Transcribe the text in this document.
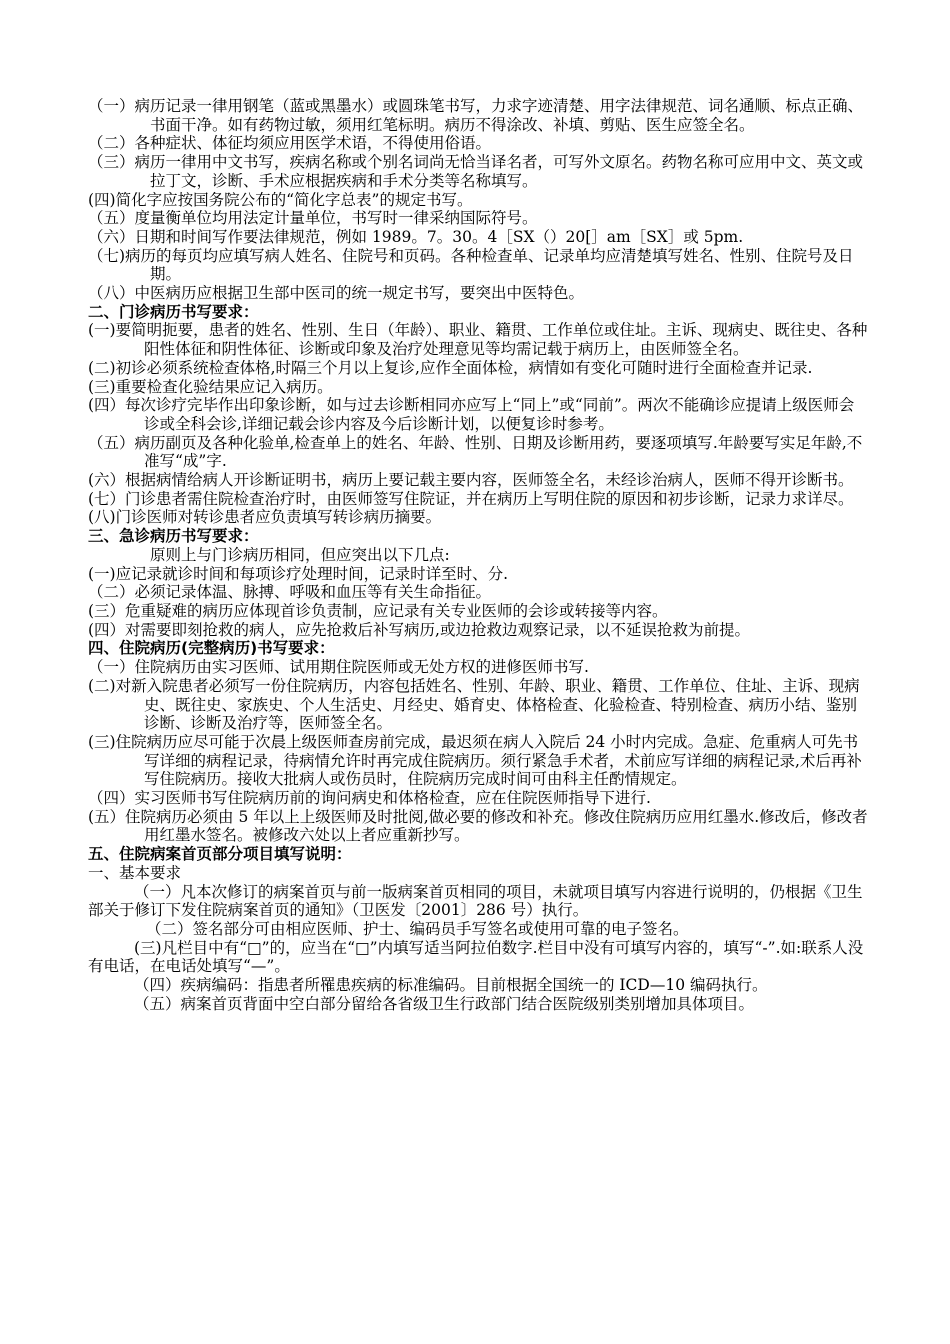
（一）病历记录一律用钢笔（蓝或黑墨水）或圆珠笔书写，力求字迹清楚、用字法律规范、词名通顺、标点正确、书面干净。如有药物过敏，须用红笔标明。病历不得涂改、补填、剪贴、医生应签全名。

（二）各种症状、体征均须应用医学术语，不得使用俗语。

（三）病历一律用中文书写，疾病名称或个别名词尚无恰当译名者，可写外文原名。药物名称可应用中文、英文或拉丁文，诊断、手术应根据疾病和手术分类等名称填写。

(四)简化字应按国务院公布的“简化字总表”的规定书写。

（五）度量衡单位均用法定计量单位，书写时一律采纳国际符号。

（六）日期和时间写作要法律规范，例如 1989。7。30。4［SX（）20[］am［SX］或 5pm.

（七)病历的每页均应填写病人姓名、住院号和页码。各种检查单、记录单均应清楚填写姓名、性别、住院号及日期。

（八）中医病历应根据卫生部中医司的统一规定书写，要突出中医特色。

二、门诊病历书写要求：

(一)要简明扼要，患者的姓名、性别、生日（年龄）、职业、籍贯、工作单位或住址。主诉、现病史、既往史、各种阳性体征和阴性体征、诊断或印象及治疗处理意见等均需记载于病历上，由医师签全名。

(二)初诊必须系统检查体格,时隔三个月以上复诊,应作全面体检，病情如有变化可随时进行全面检查并记录.

(三)重要检查化验结果应记入病历。

(四）每次诊疗完毕作出印象诊断，如与过去诊断相同亦应写上“同上”或“同前”。两次不能确诊应提请上级医师会诊或全科会诊,详细记载会诊内容及今后诊断计划，以便复诊时参考。

（五）病历副页及各种化验单,检查单上的姓名、年龄、性别、日期及诊断用药，要逐项填写.年龄要写实足年龄,不准写“成”字.

(六）根据病情给病人开诊断证明书，病历上要记载主要内容，医师签全名，未经诊治病人，医师不得开诊断书。

(七）门诊患者需住院检查治疗时，由医师签写住院证，并在病历上写明住院的原因和初步诊断，记录力求详尽。

(八)门诊医师对转诊患者应负责填写转诊病历摘要。

三、急诊病历书写要求：

原则上与门诊病历相同，但应突出以下几点:

(一)应记录就诊时间和每项诊疗处理时间，记录时详至时、分.

（二）必须记录体温、脉搏、呼吸和血压等有关生命指征。

(三）危重疑难的病历应体现首诊负责制，应记录有关专业医师的会诊或转接等内容。

(四）对需要即刻抢救的病人，应先抢救后补写病历,或边抢救边观察记录，以不延误抢救为前提。

四、住院病历(完整病历)书写要求：

（一）住院病历由实习医师、试用期住院医师或无处方权的进修医师书写.

(二)对新入院患者必须写一份住院病历，内容包括姓名、性别、年龄、职业、籍贯、工作单位、住址、主诉、现病史、既往史、家族史、个人生活史、月经史、婚育史、体格检查、化验检查、特别检查、病历小结、鉴别诊断、诊断及治疗等，医师签全名。

(三)住院病历应尽可能于次晨上级医师查房前完成，最迟须在病人入院后 24 小时内完成。急症、危重病人可先书写详细的病程记录，待病情允许时再完成住院病历。须行紧急手术者，术前应写详细的病程记录,术后再补写住院病历。接收大批病人或伤员时，住院病历完成时间可由科主任酌情规定。

（四）实习医师书写住院病历前的询问病史和体格检查，应在住院医师指导下进行.

(五）住院病历必须由 5 年以上上级医师及时批阅,做必要的修改和补充。修改住院病历应用红墨水.修改后，修改者用红墨水签名。被修改六处以上者应重新抄写。

五、住院病案首页部分项目填写说明：

一、基本要求

（一）凡本次修订的病案首页与前一版病案首页相同的项目，未就项目填写内容进行说明的，仍根据《卫生部关于修订下发住院病案首页的通知》（卫医发〔2001〕286 号）执行。

（二）签名部分可由相应医师、护士、编码员手写签名或使用可靠的电子签名。

(三)凡栏目中有“□”的，应当在“□”内填写适当阿拉伯数字.栏目中没有可填写内容的，填写“-”.如:联系人没有电话，在电话处填写“—”。

（四）疾病编码：指患者所罹患疾病的标准编码。目前根据全国统一的 ICD—10 编码执行。

（五）病案首页背面中空白部分留给各省级卫生行政部门结合医院级别类别增加具体项目。
